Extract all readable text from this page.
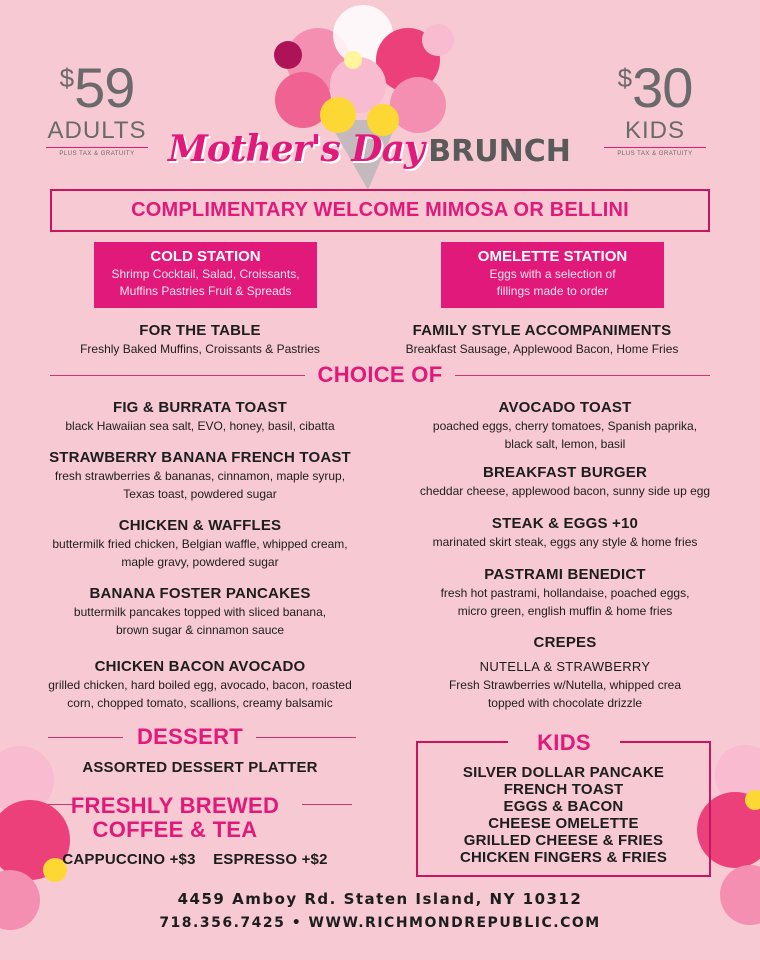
$59
ADULTS
PLUS TAX & GRATUITY
$30
KIDS
PLUS TAX & GRATUITY
Mother's Day BRUNCH
COMPLIMENTARY WELCOME MIMOSA OR BELLINI
COLD STATION
Shrimp Cocktail, Salad, Croissants,
Muffins Pastries Fruit & Spreads
OMELETTE STATION
Eggs with a selection of
fillings made to order
FOR THE TABLE
Freshly Baked Muffins, Croissants & Pastries
FAMILY STYLE ACCOMPANIMENTS
Breakfast Sausage, Applewood Bacon, Home Fries
CHOICE OF
FIG & BURRATA TOAST
black Hawaiian sea salt, EVO, honey, basil, cibatta
STRAWBERRY BANANA FRENCH TOAST
fresh strawberries & bananas, cinnamon, maple syrup,
Texas toast, powdered sugar
CHICKEN & WAFFLES
buttermilk fried chicken, Belgian waffle, whipped cream,
maple gravy, powdered sugar
BANANA FOSTER PANCAKES
buttermilk pancakes topped with sliced banana,
brown sugar & cinnamon sauce
CHICKEN BACON AVOCADO
grilled chicken, hard boiled egg, avocado, bacon, roasted
corn, chopped tomato, scallions, creamy balsamic
AVOCADO TOAST
poached eggs, cherry tomatoes, Spanish paprika,
black salt, lemon, basil
BREAKFAST BURGER
cheddar cheese, applewood bacon, sunny side up egg
STEAK & EGGS +10
marinated skirt steak, eggs any style & home fries
PASTRAMI BENEDICT
fresh hot pastrami, hollandaise, poached eggs,
micro green, english muffin & home fries
CREPES
NUTELLA & STRAWBERRY
Fresh Strawberries w/Nutella, whipped crea
topped with chocolate drizzle
DESSERT
ASSORTED DESSERT PLATTER
FRESHLY BREWED
COFFEE & TEA
CAPPUCCINO +$3    ESPRESSO +$2
KIDS
SILVER DOLLAR PANCAKE
FRENCH TOAST
EGGS & BACON
CHEESE OMELETTE
GRILLED CHEESE & FRIES
CHICKEN FINGERS & FRIES
4459 Amboy Rd. Staten Island, NY 10312
718.356.7425 • WWW.RICHMONDREPUBLIC.COM
